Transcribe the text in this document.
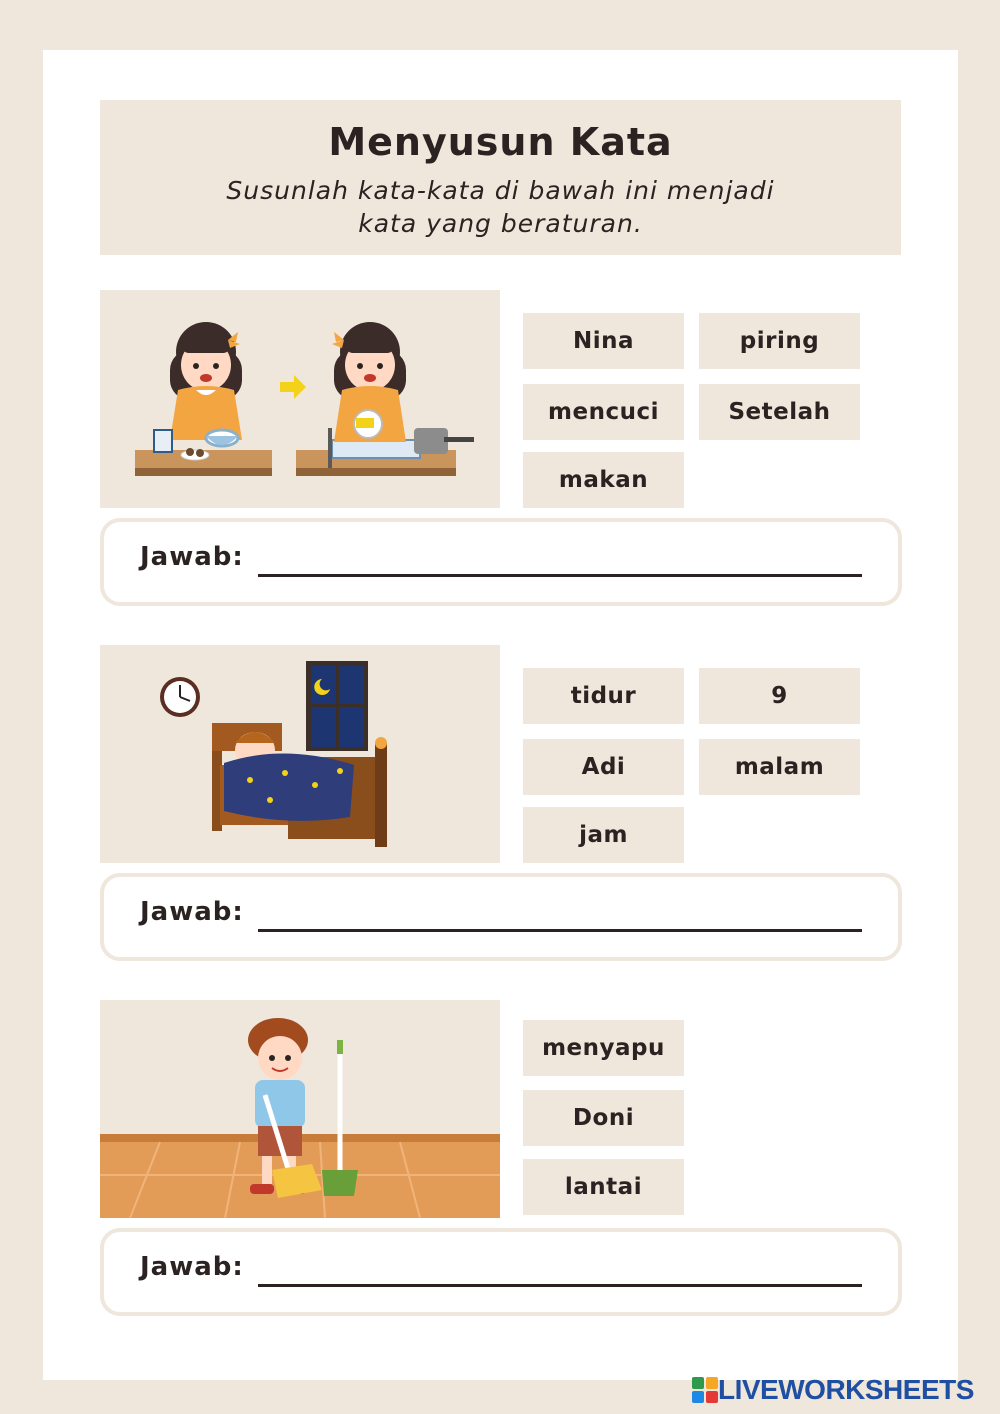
Menyusun Kata
Susunlah kata-kata di bawah ini menjadi
kata yang beraturan.
Nina	piring
mencuci	Setelah
makan
Jawab:
tidur	9
Adi	malam
jam
Jawab:
menyapu
Doni
lantai
Jawab:
LIVEWORKSHEETS
